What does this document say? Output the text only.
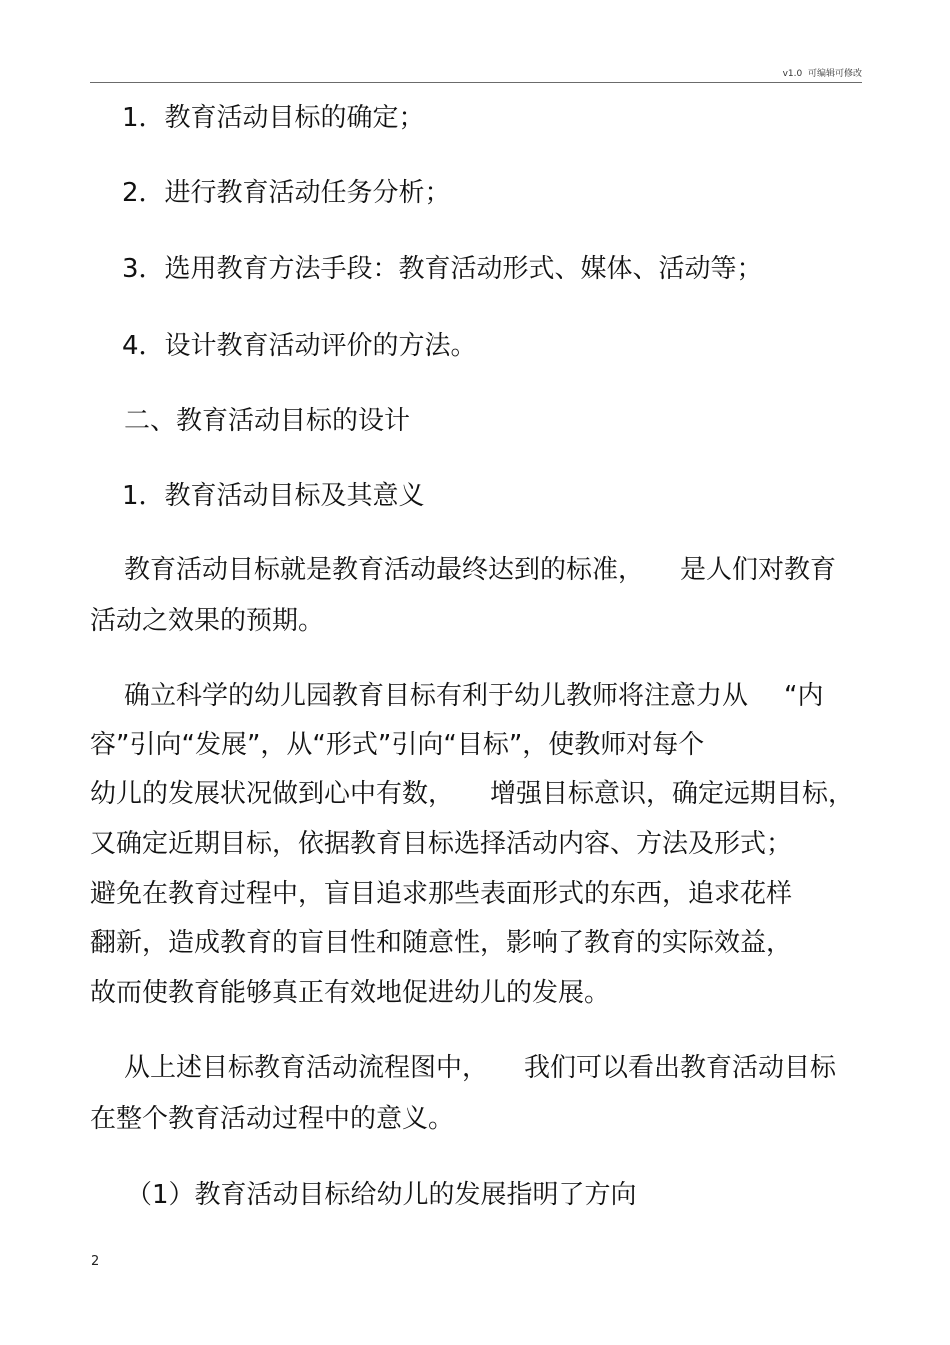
v1.0 可编辑可修改
1．教育活动目标的确定；
2．进行教育活动任务分析；
3．选用教育方法手段：教育活动形式、媒体、活动等；
4．设计教育活动评价的方法。
二、教育活动目标的设计
1．教育活动目标及其意义
教育活动目标就是教育活动最终达到的标准， 是人们对教育
活动之效果的预期。
确立科学的幼儿园教育目标有利于幼儿教师将注意力从 “内
容”引向“发展”，从“形式”引向“目标”，使教师对每个
幼儿的发展状况做到心中有数， 增强目标意识，确定远期目标，
又确定近期目标，依据教育目标选择活动内容、方法及形式；
避免在教育过程中，盲目追求那些表面形式的东西，追求花样
翻新，造成教育的盲目性和随意性，影响了教育的实际效益，
故而使教育能够真正有效地促进幼儿的发展。
从上述目标教育活动流程图中， 我们可以看出教育活动目标
在整个教育活动过程中的意义。
（1）教育活动目标给幼儿的发展指明了方向
2
